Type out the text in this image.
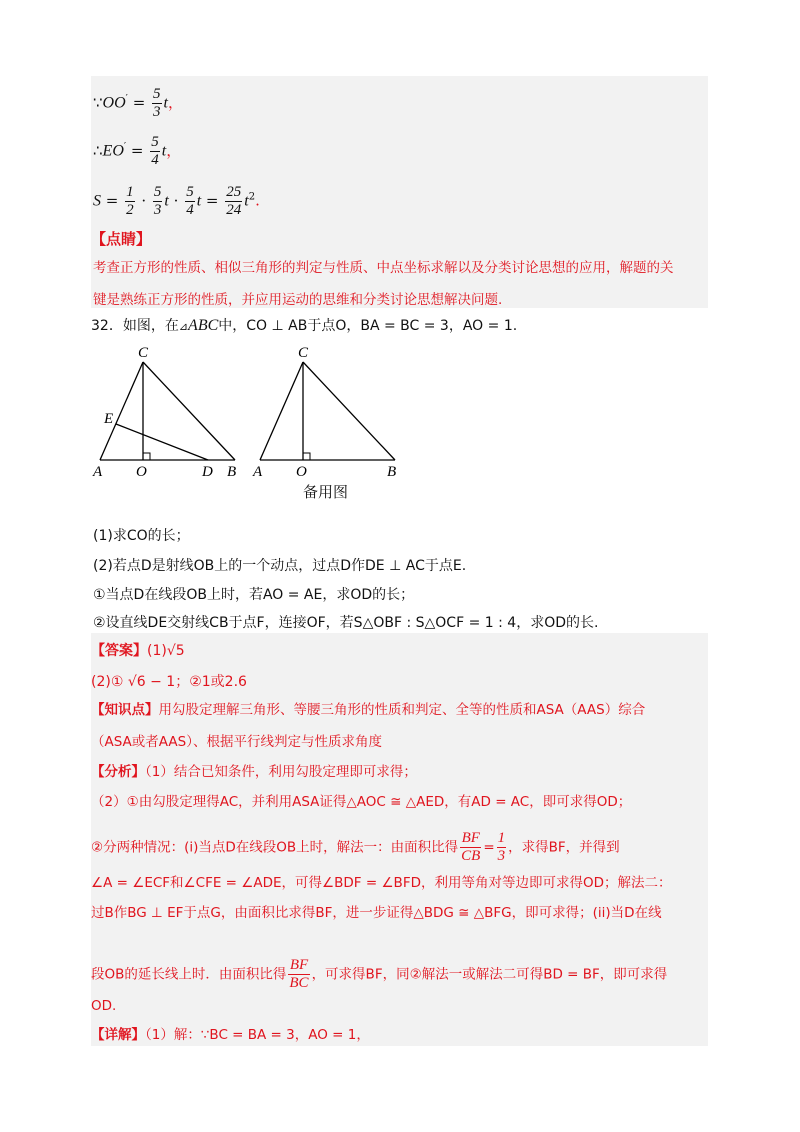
∵OO′ = $\frac{5}{3}$ t，
∴EO′ = $\frac{5}{4}$ t，
$S = \frac{1}{2} \cdot \frac{5}{3}$ $t \cdot \frac{5}{4}$ $t = \frac{25}{24} t^2$.
【点睛】
考查正方形的性质、相似三角形的判定与性质、中点坐标求解以及分类讨论思想的应用，解题的关
键是熟练正方形的性质，并应用运动的思维和分类讨论思想解决问题.
32．如图，在⊿ABC中，CO ⊥ AB于点O，BA = BC = 3，AO = 1.
C
E
A O	D B
C
A O	B
备用图
(1)求CO的长；
(2)若点D是射线OB上的一个动点，过点D作DE ⊥ AC于点E.
①当点D在线段OB上时，若AO = AE，求OD的长；
②设直线DE交射线CB于点F，连接OF，若S△OBF : S△OCF = 1 : 4，求OD的长.
【答案】(1)√5
(2)① √6 − 1；②1或2.6
【知识点】用勾股定理解三角形、等腰三角形的性质和判定、全等的性质和ASA（AAS）综合
（ASA或者AAS）、根据平行线判定与性质求角度
【分析】（1）结合已知条件，利用勾股定理即可求得；
（2）①由勾股定理得AC，并利用ASA证得△AOC ≅ △AED，有AD = AC，即可求得OD；
②分两种情况：(i)当点D在线段OB上时，解法一：由面积比得 $\frac{BF}{CB} = \frac{1}{3}$ ，求得BF，并得到
∠A = ∠ECF和∠CFE = ∠ADE，可得∠BDF = ∠BFD，利用等角对等边即可求得OD；解法二：
过B作BG ⊥ EF于点G，由面积比求得BF，进一步证得△BDG ≅ △BFG，即可求得；(ii)当D在线
段OB的延长线上时．由面积比得 $\frac{BF}{BC}$ ，可求得BF，同②解法一或解法二可得BD = BF，即可求得
OD.
【详解】（1）解：∵BC = BA = 3，AO = 1，
